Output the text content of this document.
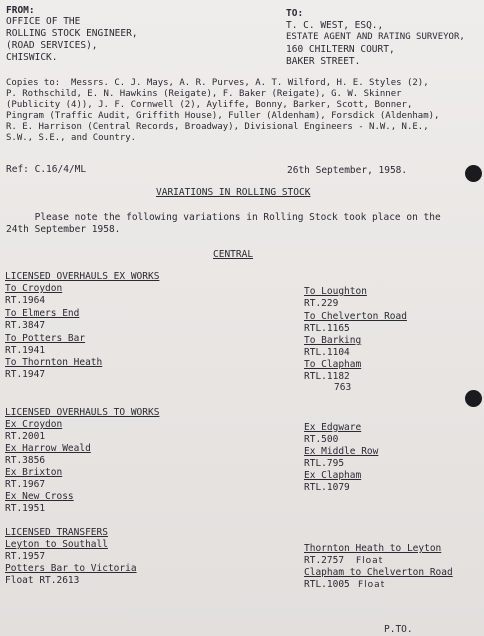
FROM:
OFFICE OF THE
ROLLING STOCK ENGINEER,
(ROAD SERVICES),
CHISWICK.
TO:
T. C. WEST, ESQ.,
ESTATE AGENT AND RATING SURVEYOR,
160 CHILTERN COURT,
BAKER STREET.
Copies to:  Messrs. C. J. Mays, A. R. Purves, A. T. Wilford, H. E. Styles (2),
P. Rothschild, E. N. Hawkins (Reigate), F. Baker (Reigate), G. W. Skinner
(Publicity (4)), J. F. Cornwell (2), Ayliffe, Bonny, Barker, Scott, Bonner,
Pingram (Traffic Audit, Griffith House), Fuller (Aldenham), Forsdick (Aldenham),
R. E. Harrison (Central Records, Broadway), Divisional Engineers - N.W., N.E.,
S.W., S.E., and Country.
Ref: C.16/4/ML	26th September, 1958.
VARIATIONS IN ROLLING STOCK
Please note the following variations in Rolling Stock took place on the
24th September 1958.
CENTRAL
LICENSED OVERHAULS EX WORKS
To Croydon
RT.1964
To Elmers End
RT.3847
To Potters Bar
RT.1941
To Thornton Heath
RT.1947
To Loughton
RT.229
To Chelverton Road
RTL.1165
To Barking
RTL.1104
To Clapham
RTL.1182
763
LICENSED OVERHAULS TO WORKS
Ex Croydon
RT.2001
Ex Harrow Weald
RT.3856
Ex Brixton
RT.1967
Ex New Cross
RT.1951
Ex Edgware
RT.500
Ex Middle Row
RTL.795
Ex Clapham
RTL.1079
LICENSED TRANSFERS
Leyton to Southall
RT.1957
Potters Bar to Victoria
Float RT.2613
Thornton Heath to Leyton
RT.2757 Float
Clapham to Chelverton Road
RTL.1005 Float
P.TO.
